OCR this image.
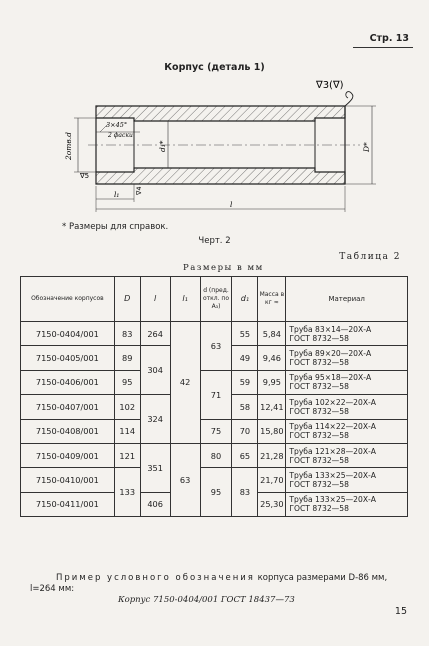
Стр. 13
Корпус (деталь 1)
3×45°
2 фаски
2отв.d	d₁*	D*
l₁
l
∇5
∇4
∇3(∇)
* Размеры для справок.
Черт. 2
Таблица 2
Размеры в мм
Обозначение корпусов	D	l	l₁	d (пред. откл. по A₃)	d₁	Масса в кг ≈	Материал
7150-0404/001	83	264	42	63	55	5,84	Труба 83×14—20Х-А
ГОСТ 8732—58

7150-0405/001	89	304			49	9,46	Труба 89×20—20Х-А
ГОСТ 8732—58

7150-0406/001	95			71	59	9,95	Труба 95×18—20Х-А
ГОСТ 8732—58

7150-0407/001	102	324			58	12,41	Труба 102×22—20Х-А
ГОСТ 8732—58

7150-0408/001	114			75	70	15,80	Труба 114×22—20Х-А
ГОСТ 8732—58

7150-0409/001	121	351	63	80	65	21,28	Труба 121×28—20Х-А
ГОСТ 8732—58

7150-0410/001	133			95	83	21,70	Труба 133×25—20Х-А
ГОСТ 8732—58

7150-0411/001		406				25,30	Труба 133×25—20Х-А
ГОСТ 8732—58
Пример условного обозначения корпуса размерами D-86 мм,
l=264 мм:
Корпус 7150-0404/001 ГОСТ 18437—73
15
